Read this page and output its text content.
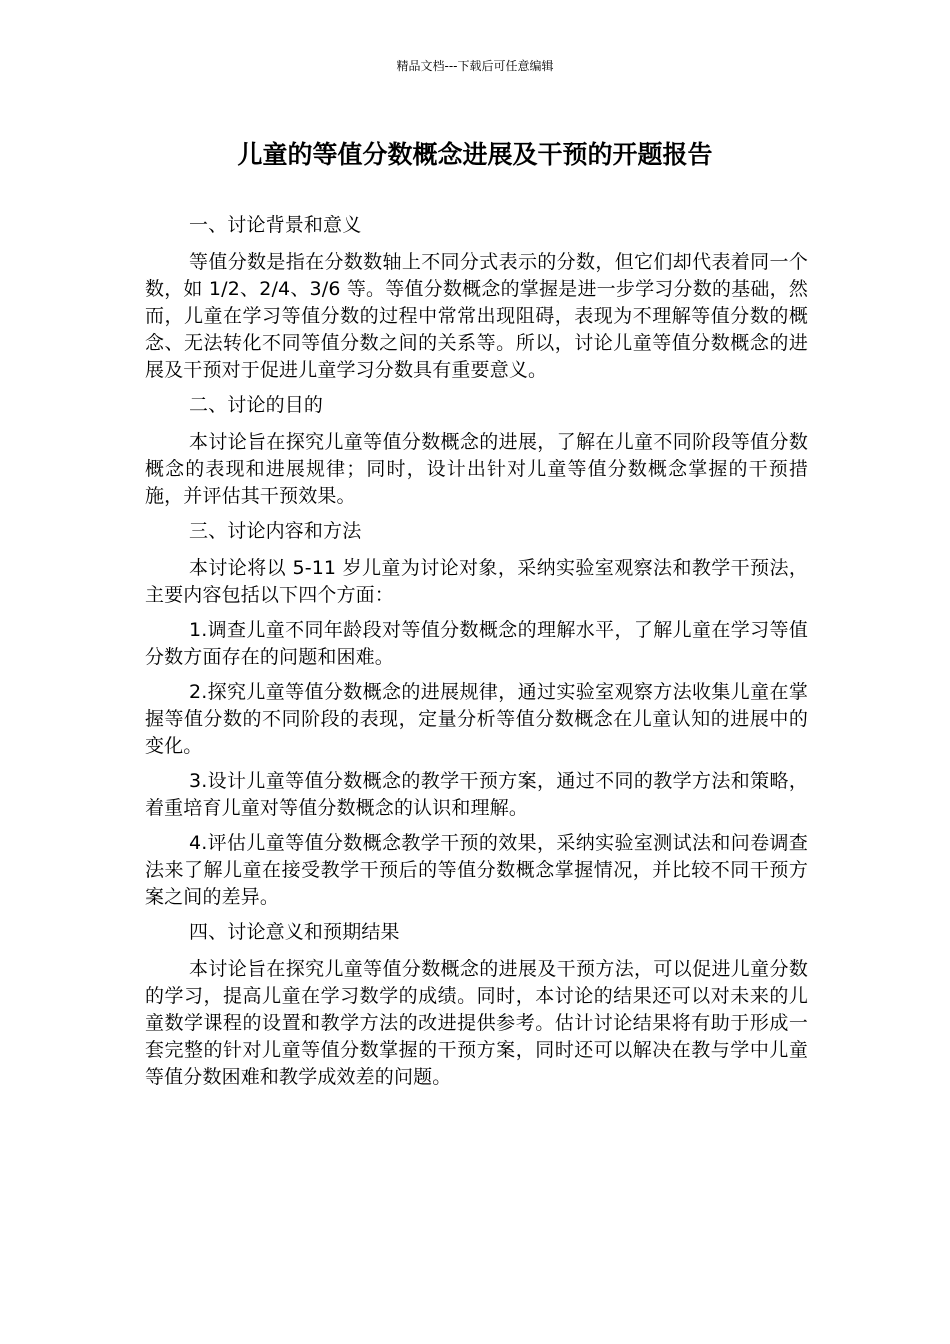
精品文档---下载后可任意编辑
儿童的等值分数概念进展及干预的开题报告

一、讨论背景和意义

等值分数是指在分数数轴上不同分式表示的分数，但它们却代表着同一个数，如 1/2、2/4、3/6 等。等值分数概念的掌握是进一步学习分数的基础，然而，儿童在学习等值分数的过程中常常出现阻碍，表现为不理解等值分数的概念、无法转化不同等值分数之间的关系等。所以，讨论儿童等值分数概念的进展及干预对于促进儿童学习分数具有重要意义。

二、讨论的目的

本讨论旨在探究儿童等值分数概念的进展，了解在儿童不同阶段等值分数概念的表现和进展规律；同时，设计出针对儿童等值分数概念掌握的干预措施，并评估其干预效果。

三、讨论内容和方法

本讨论将以 5-11 岁儿童为讨论对象，采纳实验室观察法和教学干预法，主要内容包括以下四个方面：

1.调查儿童不同年龄段对等值分数概念的理解水平，了解儿童在学习等值分数方面存在的问题和困难。

2.探究儿童等值分数概念的进展规律，通过实验室观察方法收集儿童在掌握等值分数的不同阶段的表现，定量分析等值分数概念在儿童认知的进展中的变化。

3.设计儿童等值分数概念的教学干预方案，通过不同的教学方法和策略，着重培育儿童对等值分数概念的认识和理解。

4.评估儿童等值分数概念教学干预的效果，采纳实验室测试法和问卷调查法来了解儿童在接受教学干预后的等值分数概念掌握情况，并比较不同干预方案之间的差异。

四、讨论意义和预期结果

本讨论旨在探究儿童等值分数概念的进展及干预方法，可以促进儿童分数的学习，提高儿童在学习数学的成绩。同时，本讨论的结果还可以对未来的儿童数学课程的设置和教学方法的改进提供参考。估计讨论结果将有助于形成一套完整的针对儿童等值分数掌握的干预方案，同时还可以解决在教与学中儿童等值分数困难和教学成效差的问题。
